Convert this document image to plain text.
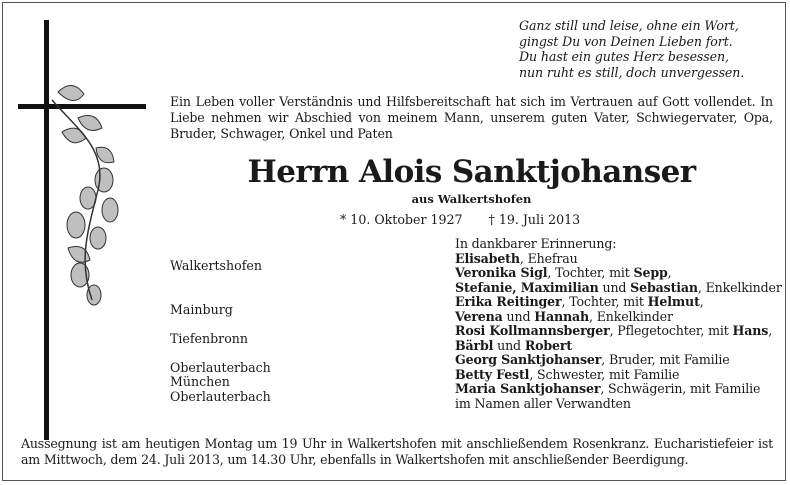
Ganz still und leise, ohne ein Wort,
gingst Du von Deinen Lieben fort.
Du hast ein gutes Herz besessen,
nun ruht es still, doch unvergessen.
Ein Leben voller Verständnis und Hilfsbereitschaft hat sich im Vertrauen auf Gott vollendet. In Liebe nehmen wir Abschied von meinem Mann, unserem guten Vater, Schwiegervater, Opa, Bruder, Schwager, Onkel und Paten
Herrn Alois Sanktjohanser
aus Walkertshofen
* 10. Oktober 1927 † 19. Juli 2013
Walkertshofen
Mainburg
Tiefenbronn
Oberlauterbach
München
Oberlauterbach
In dankbarer Erinnerung:
Elisabeth, Ehefrau
Veronika Sigl, Tochter, mit Sepp,
Stefanie, Maximilian und Sebastian, Enkelkinder
Erika Reitinger, Tochter, mit Helmut,
Verena und Hannah, Enkelkinder
Rosi Kollmannsberger, Pflegetochter, mit Hans,
Bärbl und Robert
Georg Sanktjohanser, Bruder, mit Familie
Betty Festl, Schwester, mit Familie
Maria Sanktjohanser, Schwägerin, mit Familie
im Namen aller Verwandten
Aussegnung ist am heutigen Montag um 19 Uhr in Walkertshofen mit anschließendem Rosenkranz. Eucharistiefeier ist am Mittwoch, dem 24. Juli 2013, um 14.30 Uhr, ebenfalls in Walkertshofen mit anschließender Beerdigung.
